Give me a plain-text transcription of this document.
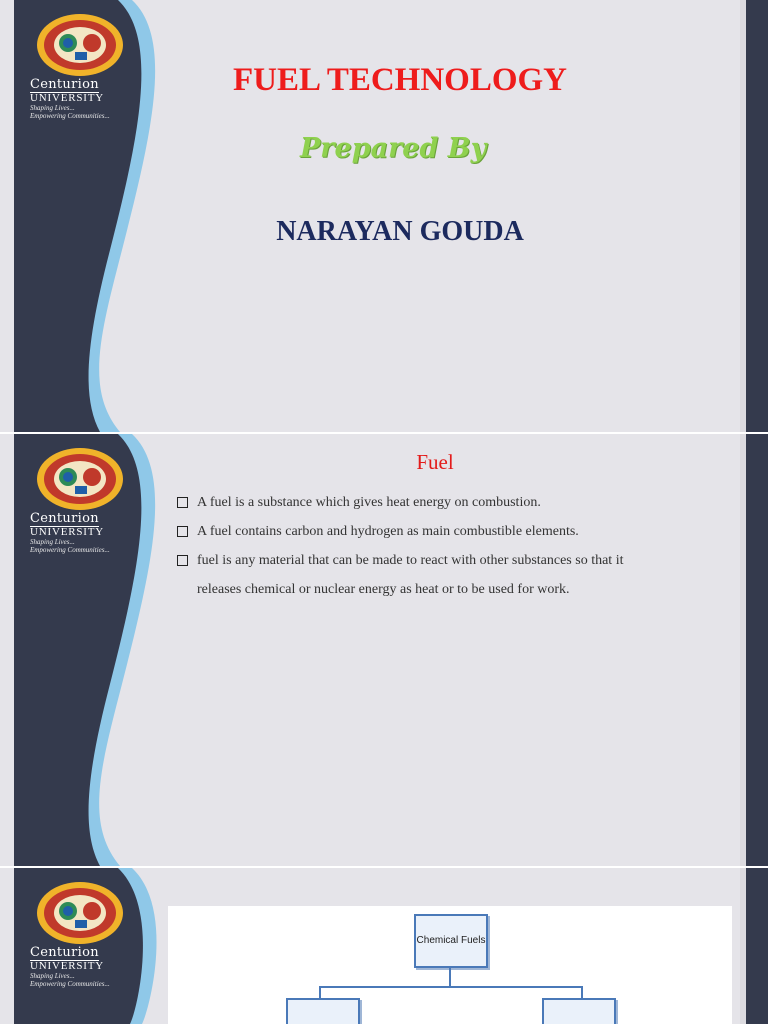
Centurion
UNIVERSITY
Shaping Lives...
Empowering Communities...
FUEL TECHNOLOGY
Prepared By
NARAYAN GOUDA
Centurion
UNIVERSITY
Shaping Lives...
Empowering Communities...
Fuel
A fuel is a substance which gives heat energy on combustion.
A fuel contains carbon and hydrogen as main combustible elements.
fuel is any material that can be made to react with other substances so that it
releases chemical or nuclear energy as heat or to be used for work.
Centurion
UNIVERSITY
Shaping Lives...
Empowering Communities...
Chemical Fuels
